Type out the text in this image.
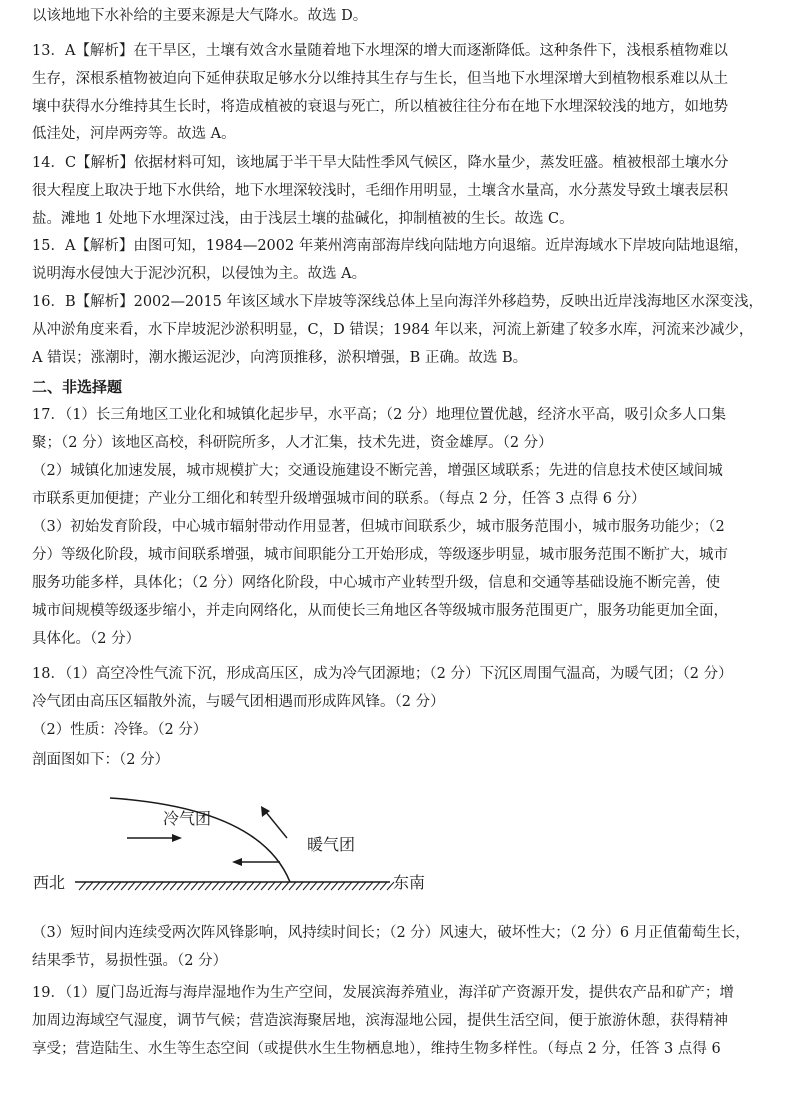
以该地地下水补给的主要来源是大气降水。故选 D。
13．A【解析】在干旱区，土壤有效含水量随着地下水埋深的增大而逐渐降低。这种条件下，浅根系植物难以
生存，深根系植物被迫向下延伸获取足够水分以维持其生存与生长，但当地下水埋深增大到植物根系难以从土
壤中获得水分维持其生长时，将造成植被的衰退与死亡，所以植被往往分布在地下水埋深较浅的地方，如地势
低洼处，河岸两旁等。故选 A。
14．C【解析】依据材料可知，该地属于半干旱大陆性季风气候区，降水量少，蒸发旺盛。植被根部土壤水分
很大程度上取决于地下水供给，地下水埋深较浅时，毛细作用明显，土壤含水量高，水分蒸发导致土壤表层积
盐。滩地 1 处地下水埋深过浅，由于浅层土壤的盐碱化，抑制植被的生长。故选 C。
15．A【解析】由图可知，1984—2002 年莱州湾南部海岸线向陆地方向退缩。近岸海域水下岸坡向陆地退缩，
说明海水侵蚀大于泥沙沉积，以侵蚀为主。故选 A。
16．B【解析】2002—2015 年该区域水下岸坡等深线总体上呈向海洋外移趋势，反映出近岸浅海地区水深变浅，
从冲淤角度来看，水下岸坡泥沙淤积明显，C，D 错误；1984 年以来，河流上新建了较多水库，河流来沙减少，
A 错误；涨潮时，潮水搬运泥沙，向湾顶推移，淤积增强，B 正确。故选 B。
二、非选择题
17．（1）长三角地区工业化和城镇化起步早，水平高；（2 分）地理位置优越，经济水平高，吸引众多人口集
聚；（2 分）该地区高校，科研院所多，人才汇集，技术先进，资金雄厚。（2 分）
（2）城镇化加速发展，城市规模扩大；交通设施建设不断完善，增强区域联系；先进的信息技术使区域间城
市联系更加便捷；产业分工细化和转型升级增强城市间的联系。（每点 2 分，任答 3 点得 6 分）
（3）初始发育阶段，中心城市辐射带动作用显著，但城市间联系少，城市服务范围小，城市服务功能少；（2
分）等级化阶段，城市间联系增强，城市间职能分工开始形成，等级逐步明显，城市服务范围不断扩大，城市
服务功能多样，具体化；（2 分）网络化阶段，中心城市产业转型升级，信息和交通等基础设施不断完善，使
城市间规模等级逐步缩小，并走向网络化，从而使长三角地区各等级城市服务范围更广，服务功能更加全面，
具体化。（2 分）
18．（1）高空冷性气流下沉，形成高压区，成为冷气团源地；（2 分）下沉区周围气温高，为暖气团；（2 分）
冷气团由高压区辐散外流，与暖气团相遇而形成阵风锋。（2 分）
（2）性质：冷锋。（2 分）
剖面图如下：（2 分）
冷气团
暖气团
西北	东南
（3）短时间内连续受两次阵风锋影响，风持续时间长；（2 分）风速大，破坏性大；（2 分）6 月正值葡萄生长，
结果季节，易损性强。（2 分）
19．（1）厦门岛近海与海岸湿地作为生产空间，发展滨海养殖业，海洋矿产资源开发，提供农产品和矿产；增
加周边海域空气湿度，调节气候；营造滨海聚居地，滨海湿地公园，提供生活空间，便于旅游休憩，获得精神
享受；营造陆生、水生等生态空间（或提供水生生物栖息地），维持生物多样性。（每点 2 分，任答 3 点得 6
